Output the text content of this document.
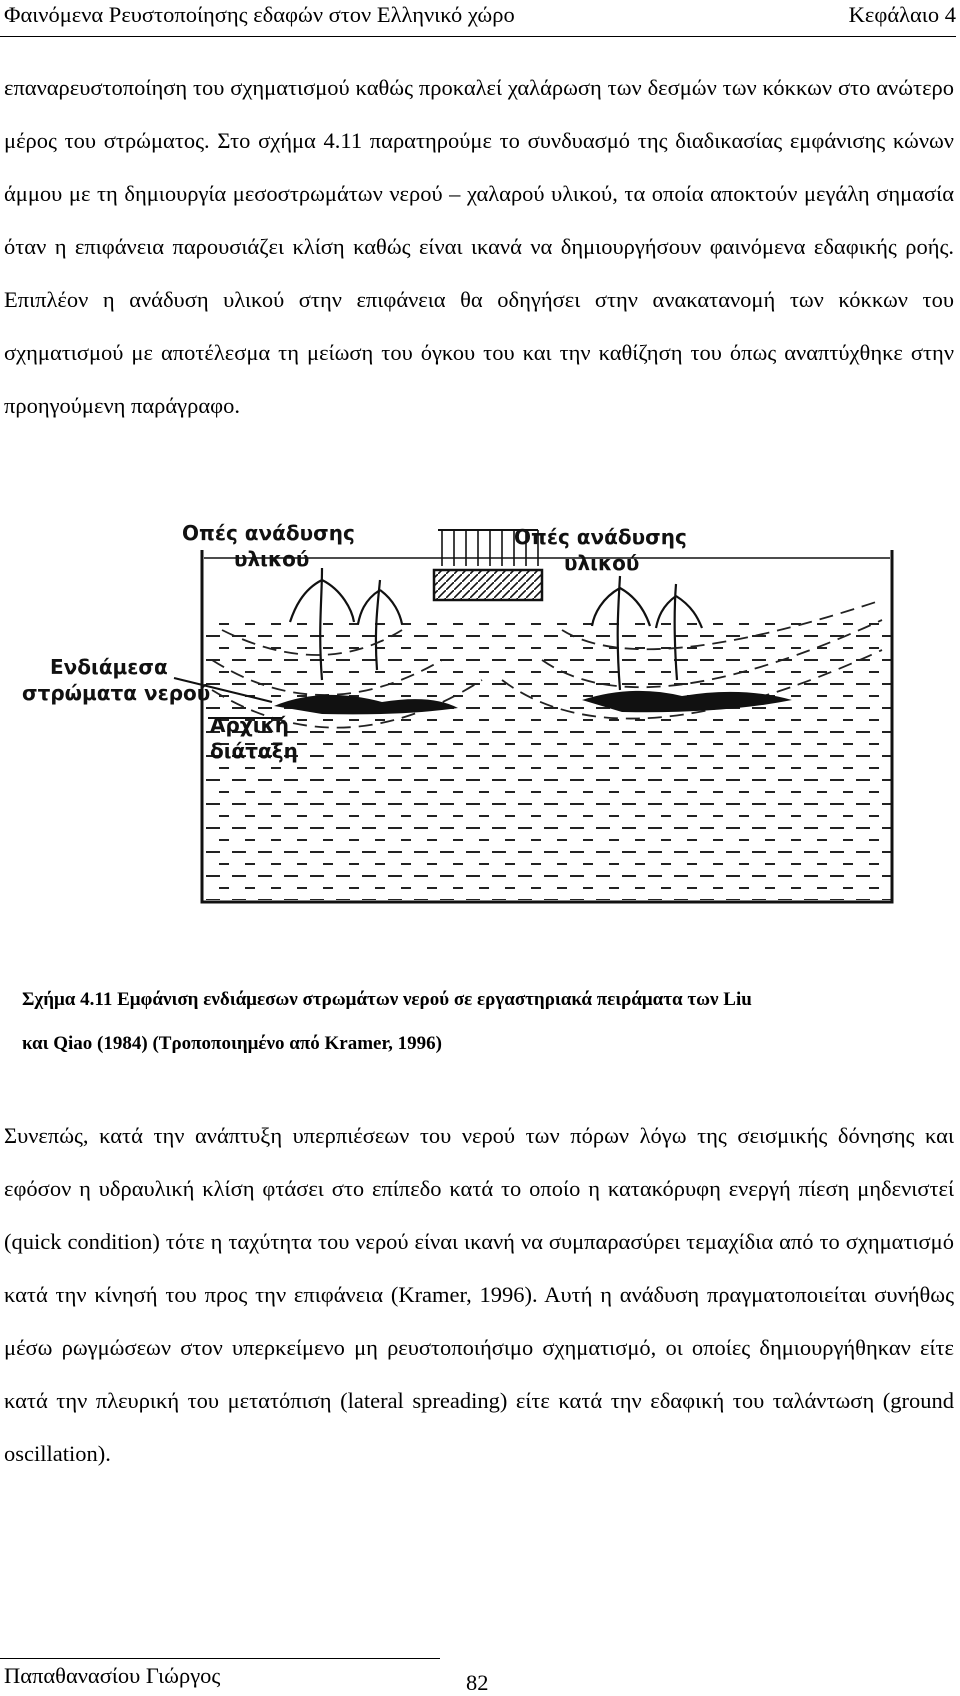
Φαινόμενα Ρευστοποίησης εδαφών στον Ελληνικό χώρο	Κεφάλαιο 4

επαναρευστοποίηση του σχηματισμού καθώς προκαλεί χαλάρωση των δεσμών των κόκκων στο ανώτερο μέρος του στρώματος. Στο σχήμα 4.11 παρατηρούμε το συνδυασμό της διαδικασίας εμφάνισης κώνων άμμου με τη δημιουργία μεσοστρωμάτων νερού – χαλαρού υλικού, τα οποία αποκτούν μεγάλη σημασία όταν η επιφάνεια παρουσιάζει κλίση καθώς είναι ικανά να δημιουργήσουν φαινόμενα εδαφικής ροής. Επιπλέον η ανάδυση υλικού στην επιφάνεια θα οδηγήσει στην ανακατανομή των κόκκων του σχηματισμού με αποτέλεσμα τη μείωση του όγκου του και την καθίζηση του όπως αναπτύχθηκε στην προηγούμενη παράγραφο.

Οπές ανάδυσης
υλικού
Οπές ανάδυσης
υλικού
Ενδιάμεσα
στρώματα νερού
Αρχική
διάταξη
Σχήμα 4.11 Εμφάνιση ενδιάμεσων στρωμάτων νερού σε εργαστηριακά πειράματα των Liu
και Qiao (1984) (Τροποποιημένο από Kramer, 1996)

Συνεπώς, κατά την ανάπτυξη υπερπιέσεων του νερού των πόρων λόγω της σεισμικής δόνησης και εφόσον η υδραυλική κλίση φτάσει στο επίπεδο κατά το οποίο η κατακόρυφη ενεργή πίεση μηδενιστεί (quick condition) τότε η ταχύτητα του νερού είναι ικανή να συμπαρασύρει τεμαχίδια από το σχηματισμό κατά την κίνησή του προς την επιφάνεια (Kramer, 1996). Αυτή η ανάδυση πραγματοποιείται συνήθως μέσω ρωγμώσεων στον υπερκείμενο μη ρευστοποιήσιμο σχηματισμό, οι οποίες δημιουργήθηκαν είτε κατά την πλευρική του μετατόπιση (lateral spreading) είτε κατά την εδαφική του ταλάντωση (ground oscillation).

Παπαθανασίου Γιώργος	82
